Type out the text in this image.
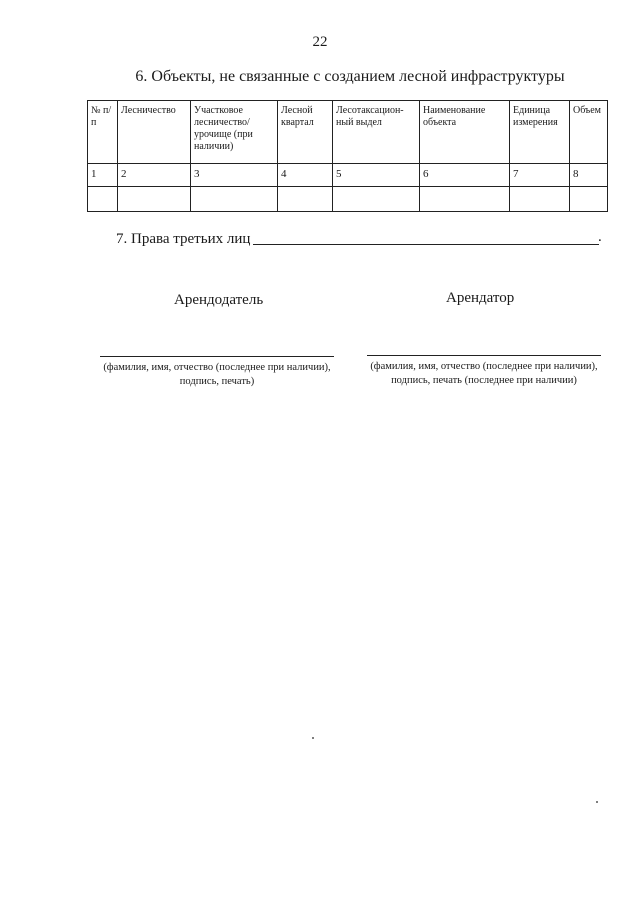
22
6. Объекты, не связанные с созданием лесной инфраструктуры
№ п/п	Лесничество	Участковое лесничество/ урочище (при наличии)	Лесной квартал	Лесотаксацион-ный выдел	Наименование объекта	Единица измерения	Объем
1	2	3	4	5	6	7	8

7. Права третьих лиц	.
Арендодатель	Арендатор
(фамилия, имя, отчество (последнее при наличии),
подпись, печать)
(фамилия, имя, отчество (последнее при наличии),
подпись, печать (последнее при наличии)
